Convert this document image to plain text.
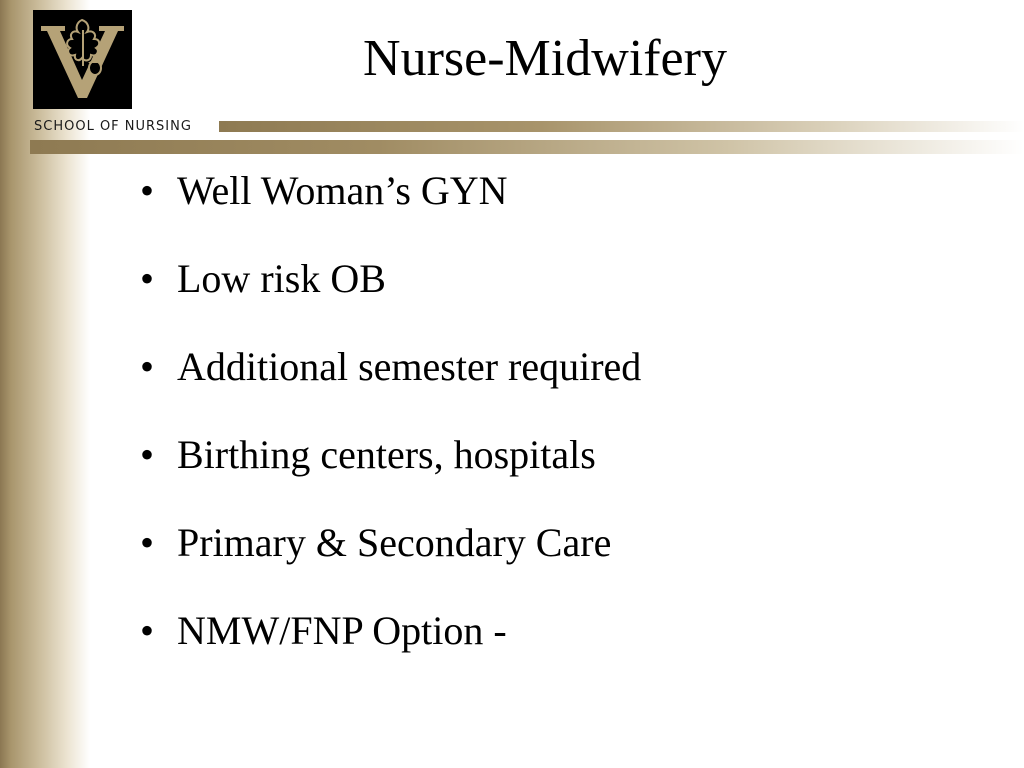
SCHOOL OF NURSING
Nurse-Midwifery
• Well Woman’s GYN
• Low risk OB
• Additional semester required
• Birthing centers, hospitals
• Primary & Secondary Care
• NMW/FNP Option -
